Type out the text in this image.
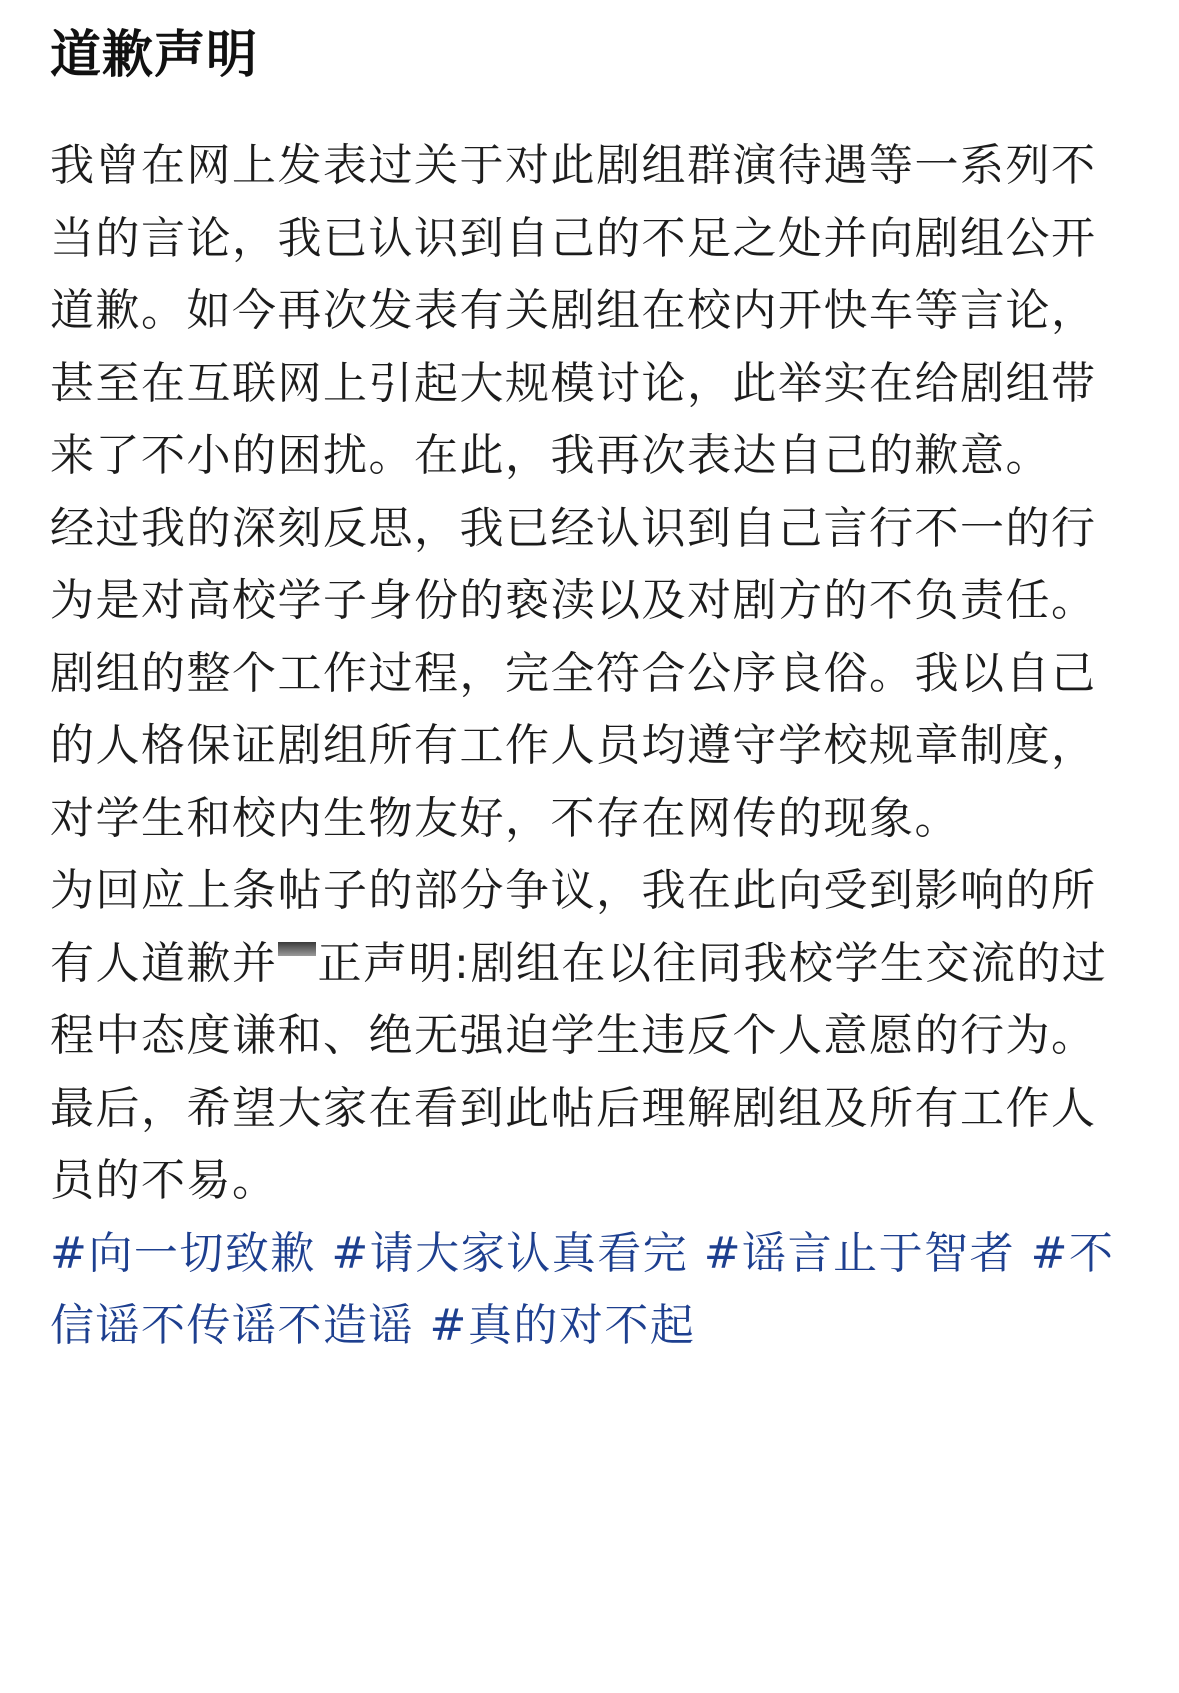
道歉声明

我曾在网上发表过关于对此剧组群演待遇等一系列不当的言论，我已认识到自己的不足之处并向剧组公开道歉。如今再次发表有关剧组在校内开快车等言论，甚至在互联网上引起大规模讨论，此举实在给剧组带来了不小的困扰。在此，我再次表达自己的歉意。

经过我的深刻反思，我已经认识到自己言行不一的行为是对高校学子身份的亵渎以及对剧方的不负责任。剧组的整个工作过程，完全符合公序良俗。我以自己的人格保证剧组所有工作人员均遵守学校规章制度，对学生和校内生物友好，不存在网传的现象。

为回应上条帖子的部分争议，我在此向受到影响的所有人道歉并 正声明:剧组在以往同我校学生交流的过程中态度谦和、绝无强迫学生违反个人意愿的行为。

最后，希望大家在看到此帖后理解剧组及所有工作人员的不易。

#向一切致歉 #请大家认真看完 #谣言止于智者 #不信谣不传谣不造谣 #真的对不起
